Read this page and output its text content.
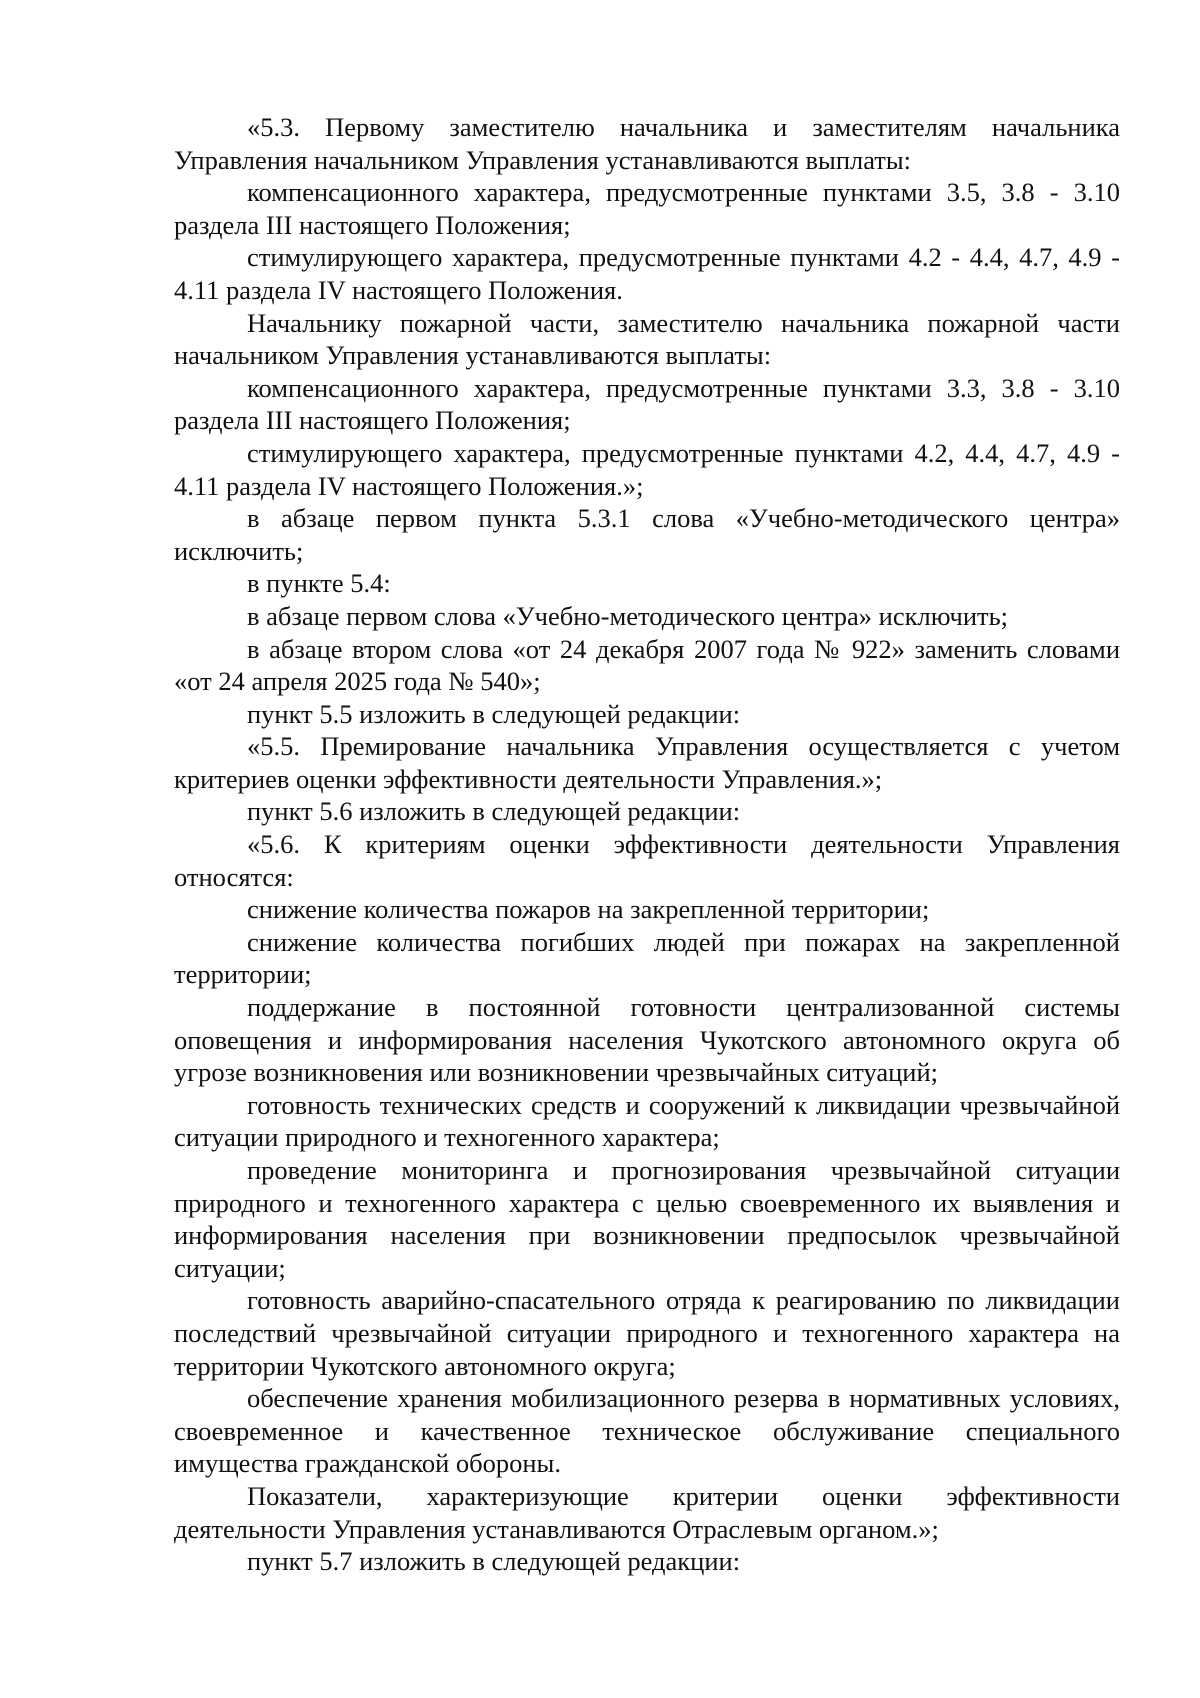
«5.3. Первому заместителю начальника и заместителям начальника Управления начальником Управления устанавливаются выплаты:

компенсационного характера, предусмотренные пунктами 3.5, 3.8 - 3.10 раздела III настоящего Положения;

стимулирующего характера, предусмотренные пунктами 4.2 - 4.4, 4.7, 4.9 - 4.11 раздела IV настоящего Положения.

Начальнику пожарной части, заместителю начальника пожарной части начальником Управления устанавливаются выплаты:

компенсационного характера, предусмотренные пунктами 3.3, 3.8 - 3.10 раздела III настоящего Положения;

стимулирующего характера, предусмотренные пунктами 4.2, 4.4, 4.7, 4.9 - 4.11 раздела IV настоящего Положения.»;

в абзаце первом пункта 5.3.1 слова «Учебно-методического центра» исключить;

в пункте 5.4:

в абзаце первом слова «Учебно-методического центра» исключить;

в абзаце втором слова «от 24 декабря 2007 года № 922» заменить словами «от 24 апреля 2025 года № 540»;

пункт 5.5 изложить в следующей редакции:

«5.5. Премирование начальника Управления осуществляется с учетом критериев оценки эффективности деятельности Управления.»;

пункт 5.6 изложить в следующей редакции:

«5.6. К критериям оценки эффективности деятельности Управления относятся:

снижение количества пожаров на закрепленной территории;

снижение количества погибших людей при пожарах на закрепленной территории;

поддержание в постоянной готовности централизованной системы оповещения и информирования населения Чукотского автономного округа об угрозе возникновения или возникновении чрезвычайных ситуаций;

готовность технических средств и сооружений к ликвидации чрезвычайной ситуации природного и техногенного характера;

проведение мониторинга и прогнозирования чрезвычайной ситуации природного и техногенного характера с целью своевременного их выявления и информирования населения при возникновении предпосылок чрезвычайной ситуации;

готовность аварийно-спасательного отряда к реагированию по ликвидации последствий чрезвычайной ситуации природного и техногенного характера на территории Чукотского автономного округа;

обеспечение хранения мобилизационного резерва в нормативных условиях, своевременное и качественное техническое обслуживание специального имущества гражданской обороны.

Показатели, характеризующие критерии оценки эффективности деятельности Управления устанавливаются Отраслевым органом.»;

пункт 5.7 изложить в следующей редакции:
